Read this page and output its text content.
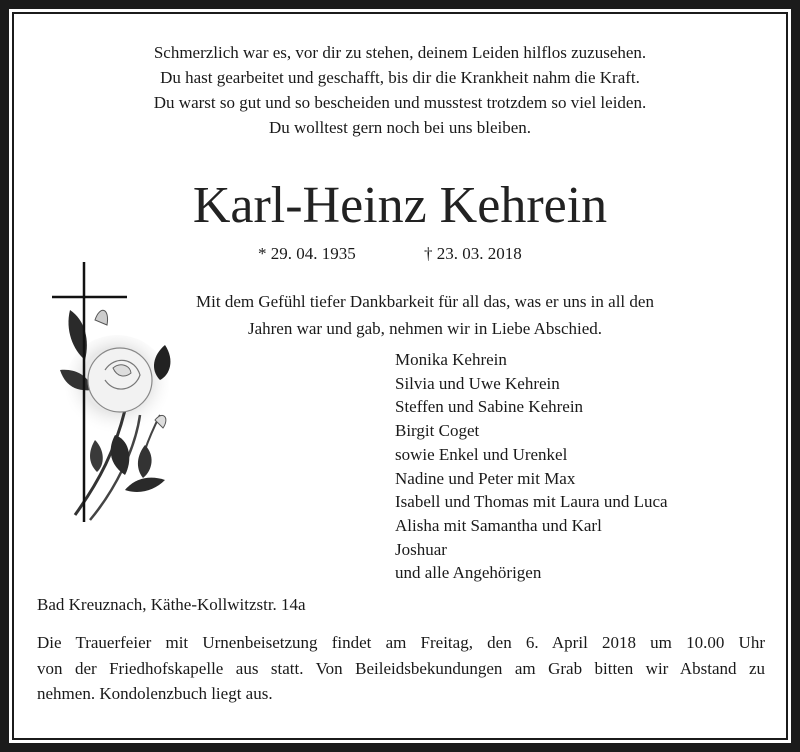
Schmerzlich war es, vor dir zu stehen, deinem Leiden hilflos zuzusehen.
Du hast gearbeitet und geschafft, bis dir die Krankheit nahm die Kraft.
Du warst so gut und so bescheiden und musstest trotzdem so viel leiden.
Du wolltest gern noch bei uns bleiben.
Karl-Heinz Kehrein
* 29. 04. 1935	† 23. 03. 2018
Mit dem Gefühl tiefer Dankbarkeit für all das, was er uns in all den
Jahren war und gab, nehmen wir in Liebe Abschied.
Monika Kehrein
Silvia und Uwe Kehrein
Steffen und Sabine Kehrein
Birgit Coget
sowie Enkel und Urenkel
Nadine und Peter mit Max
Isabell und Thomas mit Laura und Luca
Alisha mit Samantha und Karl
Joshuar
und alle Angehörigen
Bad Kreuznach, Käthe-Kollwitzstr. 14a
Die Trauerfeier mit Urnenbeisetzung findet am Freitag, den 6. April 2018 um 10.00 Uhr
von der Friedhofskapelle aus statt. Von Beileidsbekundungen am Grab bitten wir Abstand zu
nehmen. Kondolenzbuch liegt aus.
